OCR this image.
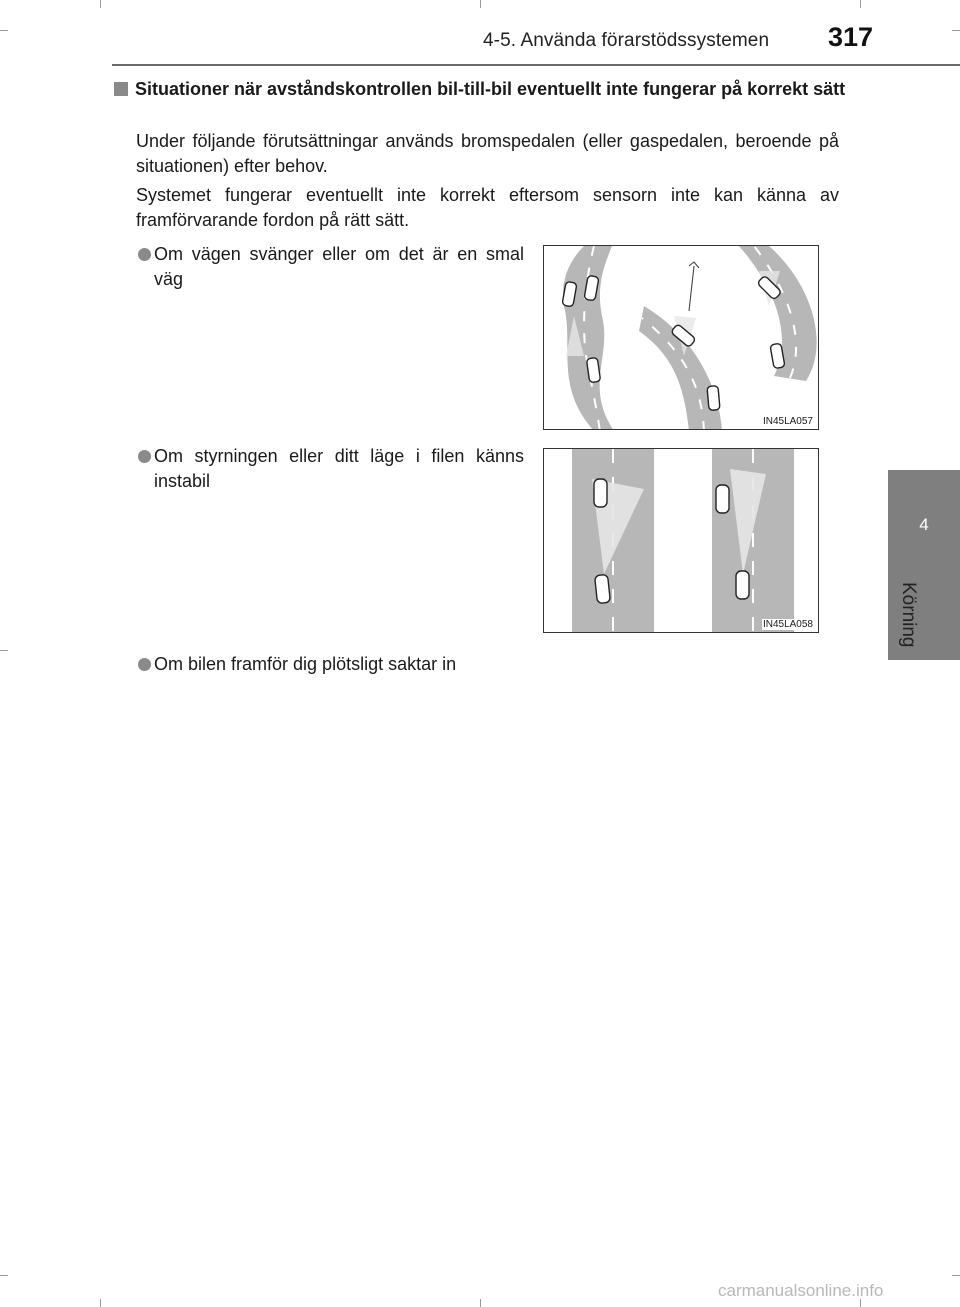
4-5. Använda förarstödssystemen 317
4
Körning
Situationer när avståndskontrollen bil-till-bil eventuellt inte fungerar på korrekt sätt
Under följande förutsättningar används bromspedalen (eller gaspedalen, beroende på situationen) efter behov.
Systemet fungerar eventuellt inte korrekt eftersom sensorn inte kan känna av framförvarande fordon på rätt sätt.
Om vägen svänger eller om det är en smal väg
Om styrningen eller ditt läge i filen känns instabil
Om bilen framför dig plötsligt saktar in
IN45LA057
IN45LA058
carmanualsonline.info
